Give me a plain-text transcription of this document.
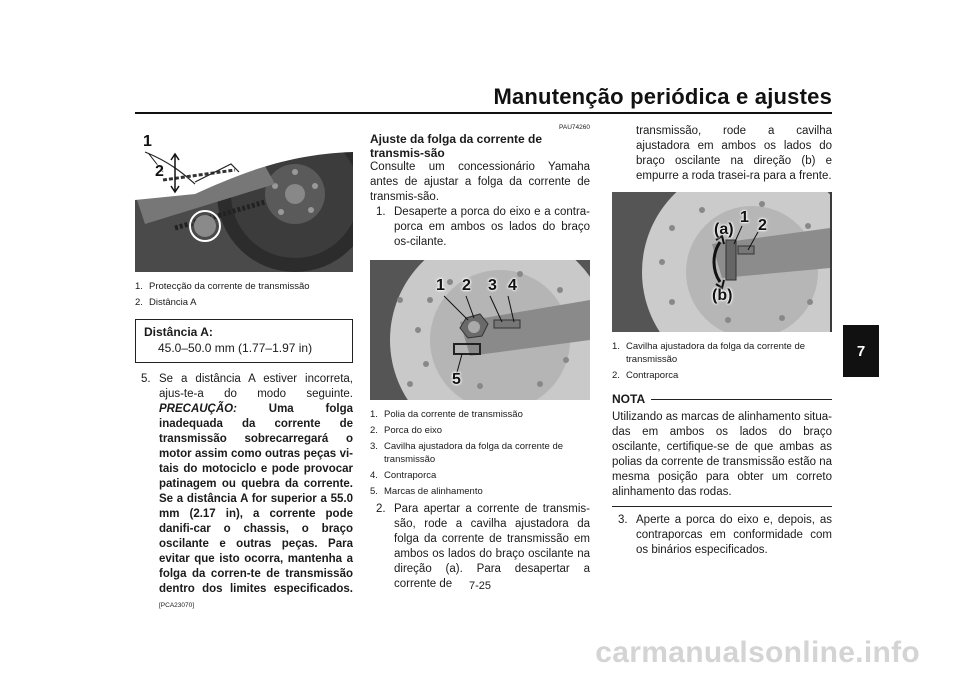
Manutenção periódica e ajustes
7
1
2
1. Protecção da corrente de transmissão
2. Distância A
Distância A:
45.0–50.0 mm (1.77–1.97 in)
5. Se a distância A estiver incorreta, ajus-te-a do modo seguinte. PRECAUÇÃO:	Uma folga inadequada da corrente de transmissão sobrecarregará o motor assim como outras peças vi-tais do motociclo e pode provocar patinagem ou quebra da corrente. Se a distância A for superior a 55.0 mm (2.17 in), a corrente pode danifi-car o chassis, o braço oscilante e outras peças. Para evitar que isto ocorra, mantenha a folga da corren-te de transmissão dentro dos limites especificados.[PCA23070]
PAU74260
Ajuste da folga da corrente de transmis-são
Consulte um concessionário Yamaha antes de ajustar a folga da corrente de transmis-são.
1. Desaperte a porca do eixo e a contra-porca em ambos os lados do braço os-cilante.
1 2 3 4
5
1. Polia da corrente de transmissão
2. Porca do eixo
3. Cavilha ajustadora da folga da corrente de transmissão
4. Contraporca
5. Marcas de alinhamento
2. Para apertar a corrente de transmis-são, rode a cavilha ajustadora da folga da corrente de transmissão em ambos os lados do braço oscilante na direção (a). Para desapertar a corrente de
transmissão, rode a cavilha ajustadora em ambos os lados do braço oscilante na direção (b) e empurre a roda trasei-ra para a frente.
1 2
(a)
(b)
1. Cavilha ajustadora da folga da corrente de transmissão
2. Contraporca
NOTA
Utilizando as marcas de alinhamento situa-das em ambos os lados do braço oscilante, certifique-se de que ambas as polias da corrente de transmissão estão na mesma posição para obter um correto alinhamento das rodas.
3. Aperte a porca do eixo e, depois, as contraporcas em conformidade com os binários especificados.
7-25
carmanualsonline.info
